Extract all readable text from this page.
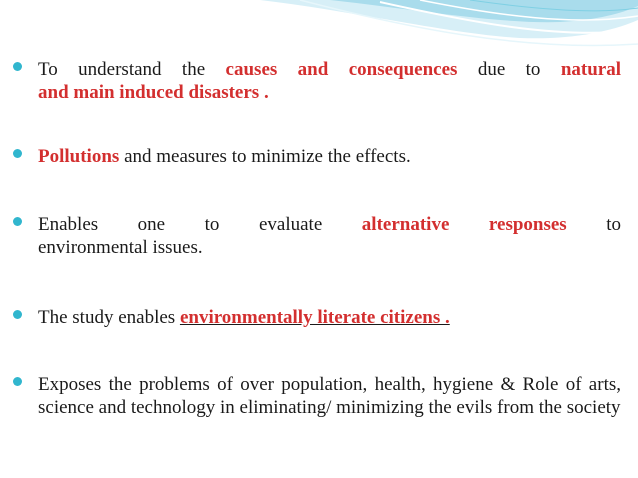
To understand the causes and consequences due to natural
and main induced disasters .
Pollutions and measures to minimize the effects.
Enables one to evaluate alternative responses to
environmental issues.
The study enables environmentally literate citizens .
Exposes the problems of over population, health, hygiene & Role of arts, science and technology in eliminating/ minimizing the evils from the society
